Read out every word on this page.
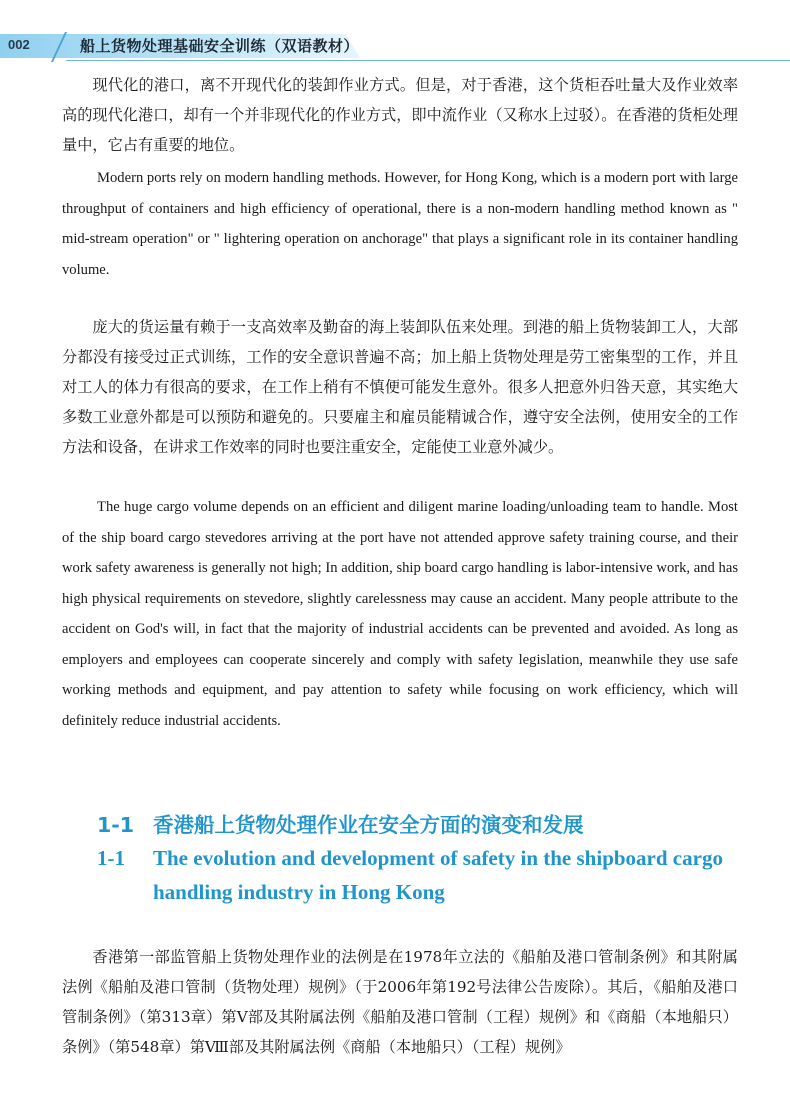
002	船上货物处理基础安全训练（双语教材）

现代化的港口，离不开现代化的装卸作业方式。但是，对于香港，这个货柜吞吐量大及作业效率高的现代化港口，却有一个并非现代化的作业方式，即中流作业（又称水上过驳）。在香港的货柜处理量中，它占有重要的地位。

Modern ports rely on modern handling methods. However, for Hong Kong, which is a modern port with large throughput of containers and high efficiency of operational, there is a non-modern handling method known as " mid-stream operation" or " lightering operation on anchorage" that plays a significant role in its container handling volume.

庞大的货运量有赖于一支高效率及勤奋的海上装卸队伍来处理。到港的船上货物装卸工人，大部分都没有接受过正式训练，工作的安全意识普遍不高；加上船上货物处理是劳工密集型的工作，并且对工人的体力有很高的要求，在工作上稍有不慎便可能发生意外。很多人把意外归咎天意，其实绝大多数工业意外都是可以预防和避免的。只要雇主和雇员能精诚合作，遵守安全法例，使用安全的工作方法和设备，在讲求工作效率的同时也要注重安全，定能使工业意外减少。

The huge cargo volume depends on an efficient and diligent marine loading/unloading team to handle. Most of the ship board cargo stevedores arriving at the port have not attended approve safety training course, and their work safety awareness is generally not high; In addition, ship board cargo handling is labor-intensive work, and has high physical requirements on stevedore, slightly carelessness may cause an accident. Many people attribute to the accident on God's will, in fact that the majority of industrial accidents can be prevented and avoided. As long as employers and employees can cooperate sincerely and comply with safety legislation, meanwhile they use safe working methods and equipment, and pay attention to safety while focusing on work efficiency, which will definitely reduce industrial accidents.

1-1 香港船上货物处理作业在安全方面的演变和发展
1-1 The evolution and development of safety in the shipboard cargo handling industry in Hong Kong

香港第一部监管船上货物处理作业的法例是在1978年立法的《船舶及港口管制条例》和其附属法例《船舶及港口管制（货物处理）规例》（于2006年第192号法律公告废除）。其后，《船舶及港口管制条例》（第313章）第Ⅴ部及其附属法例《船舶及港口管制（工程）规例》和《商船（本地船只）条例》（第548章）第Ⅷ部及其附属法例《商船（本地船只）（工程）规例》
